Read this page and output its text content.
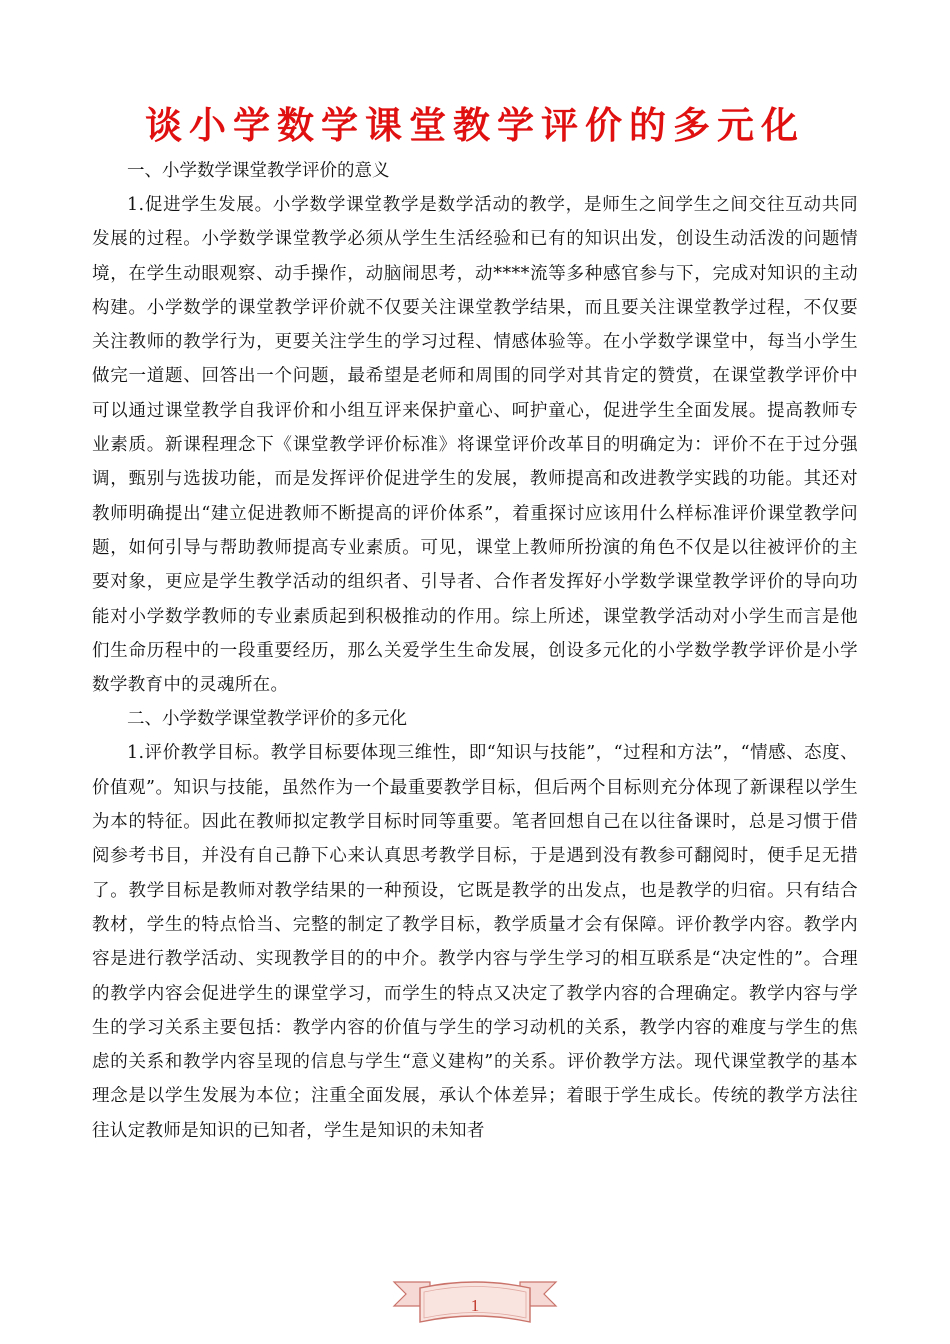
谈小学数学课堂教学评价的多元化

一、小学数学课堂教学评价的意义

1.促进学生发展。小学数学课堂教学是数学活动的教学，是师生之间学生之间交往互动共同发展的过程。小学数学课堂教学必须从学生生活经验和已有的知识出发，创设生动活泼的问题情境，在学生动眼观察、动手操作，动脑闹思考，动****流等多种感官参与下，完成对知识的主动构建。小学数学的课堂教学评价就不仅要关注课堂教学结果，而且要关注课堂教学过程，不仅要关注教师的教学行为，更要关注学生的学习过程、情感体验等。在小学数学课堂中，每当小学生做完一道题、回答出一个问题，最希望是老师和周围的同学对其肯定的赞赏，在课堂教学评价中可以通过课堂教学自我评价和小组互评来保护童心、呵护童心，促进学生全面发展。提高教师专业素质。新课程理念下《课堂教学评价标准》将课堂评价改革目的明确定为：评价不在于过分强调，甄别与选拔功能，而是发挥评价促进学生的发展，教师提高和改进教学实践的功能。其还对教师明确提出“建立促进教师不断提高的评价体系”，着重探讨应该用什么样标准评价课堂教学问题，如何引导与帮助教师提高专业素质。可见，课堂上教师所扮演的角色不仅是以往被评价的主要对象，更应是学生教学活动的组织者、引导者、合作者发挥好小学数学课堂教学评价的导向功能对小学数学教师的专业素质起到积极推动的作用。综上所述，课堂教学活动对小学生而言是他们生命历程中的一段重要经历，那么关爱学生生命发展，创设多元化的小学数学教学评价是小学数学教育中的灵魂所在。

二、小学数学课堂教学评价的多元化

1.评价教学目标。教学目标要体现三维性，即“知识与技能”，“过程和方法”，“情感、态度、价值观”。知识与技能，虽然作为一个最重要教学目标，但后两个目标则充分体现了新课程以学生为本的特征。因此在教师拟定教学目标时同等重要。笔者回想自己在以往备课时，总是习惯于借阅参考书目，并没有自己静下心来认真思考教学目标，于是遇到没有教参可翻阅时，便手足无措了。教学目标是教师对教学结果的一种预设，它既是教学的出发点，也是教学的归宿。只有结合教材，学生的特点恰当、完整的制定了教学目标，教学质量才会有保障。评价教学内容。教学内容是进行教学活动、实现教学目的的中介。教学内容与学生学习的相互联系是“决定性的”。合理的教学内容会促进学生的课堂学习，而学生的特点又决定了教学内容的合理确定。教学内容与学生的学习关系主要包括：教学内容的价值与学生的学习动机的关系，教学内容的难度与学生的焦虑的关系和教学内容呈现的信息与学生“意义建构”的关系。评价教学方法。现代课堂教学的基本理念是以学生发展为本位；注重全面发展，承认个体差异；着眼于学生成长。传统的教学方法往往认定教师是知识的已知者，学生是知识的未知者

1
